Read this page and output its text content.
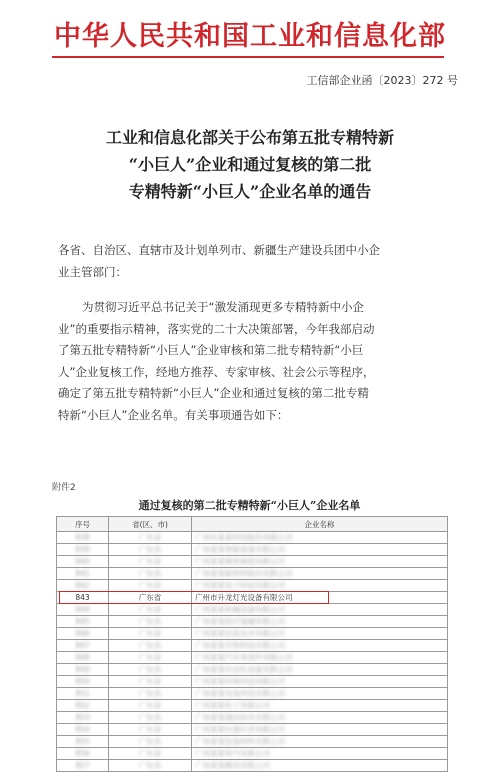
中华人民共和国工业和信息化部
工信部企业函〔2023〕272 号
工业和信息化部关于公布第五批专精特新
“小巨人”企业和通过复核的第二批
专精特新“小巨人”企业名单的通告

各省、自治区、直辖市及计划单列市、新疆生产建设兵团中小企
业主管部门：

为贯彻习近平总书记关于“激发涌现更多专精特新中小企
业”的重要指示精神，落实党的二十大决策部署，今年我部启动
了第五批专精特新“小巨人”企业审核和第二批专精特新“小巨
人”企业复核工作，经地方推荐、专家审核、社会公示等程序，
确定了第五批专精特新“小巨人”企业和通过复核的第二批专精
特新“小巨人”企业名单。有关事项通告如下：

附件2
通过复核的第二批专精特新“小巨人”企业名单
序号	省(区、市)	企业名称
838	广东省	广州市某某科技股份有限公司
839	广东省	广州某某智能装备有限公司
840	广东省	广州某某精密制造有限公司
841	广东省	广州某某新材料股份有限公司
842	广东省	广州某某电子科技有限公司
843	广东省	广州市升龙灯光设备有限公司
844	广东省	广州某某机械设备有限公司
845	广东省	广州某某医疗器械有限公司
846	广东省	广州某某信息技术有限公司
847	广东省	广州某某生物科技有限公司
848	广东省	广州某某汽车零部件有限公司
849	广东省	广州某某自动化设备有限公司
850	广东省	广州某某环保科技有限公司
851	广东省	广州某某光电科技有限公司
852	广东省	广州某某化工有限公司
853	广东省	广州某某通信技术有限公司
854	广东省	广州某某仪器仪表有限公司
855	广东省	广州某某包装材料有限公司
856	广东省	广州某某电气有限公司
857	广东省	广州某某模具有限公司
